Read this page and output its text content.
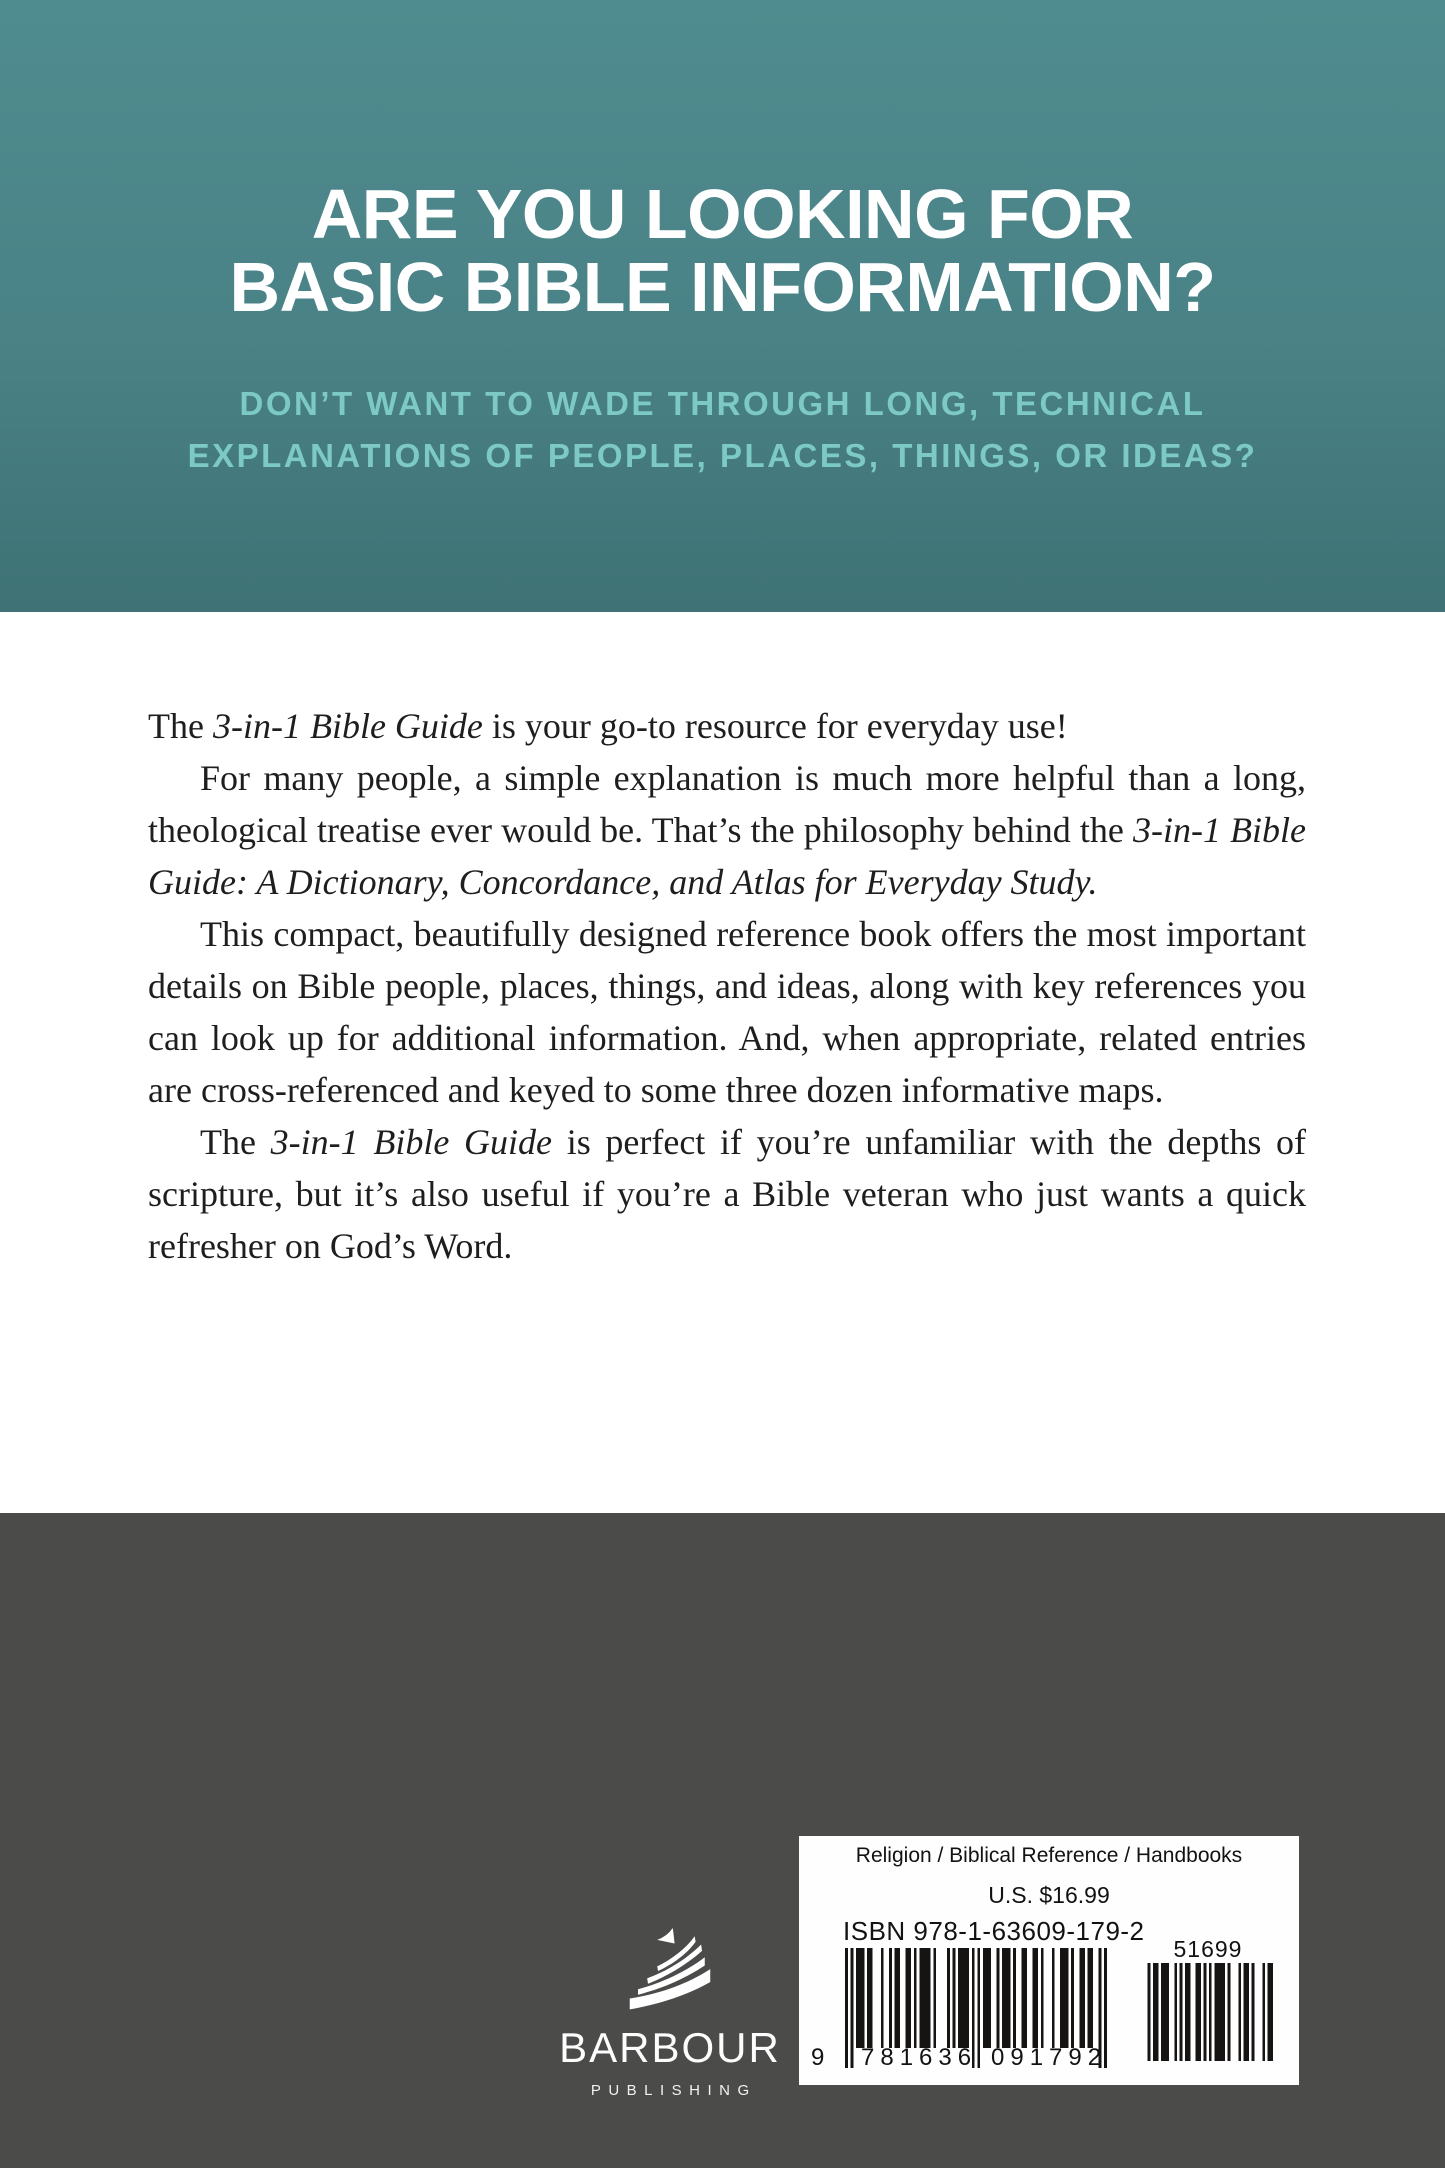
ARE YOU LOOKING FOR
BASIC BIBLE INFORMATION?
DON’T WANT TO WADE THROUGH LONG, TECHNICAL
EXPLANATIONS OF PEOPLE, PLACES, THINGS, OR IDEAS?

The 3-in-1 Bible Guide is your go-to resource for everyday use!

For many people, a simple explanation is much more helpful than a long, theological treatise ever would be. That’s the philosophy behind the 3-in-1 Bible Guide: A Dictionary, Concordance, and Atlas for Everyday Study.

This compact, beautifully designed reference book offers the most important details on Bible people, places, things, and ideas, along with key references you can look up for additional information. And, when appropriate, related entries are cross-referenced and keyed to some three dozen informative maps.

The 3-in-1 Bible Guide is perfect if you’re unfamiliar with the depths of scripture, but it’s also useful if you’re a Bible veteran who just wants a quick refresher on God’s Word.

BARBOUR
PUBLISHING
Religion / Biblical Reference / Handbooks
U.S. $16.99
ISBN 978-1-63609-179-2
9 781636 091792
51699
